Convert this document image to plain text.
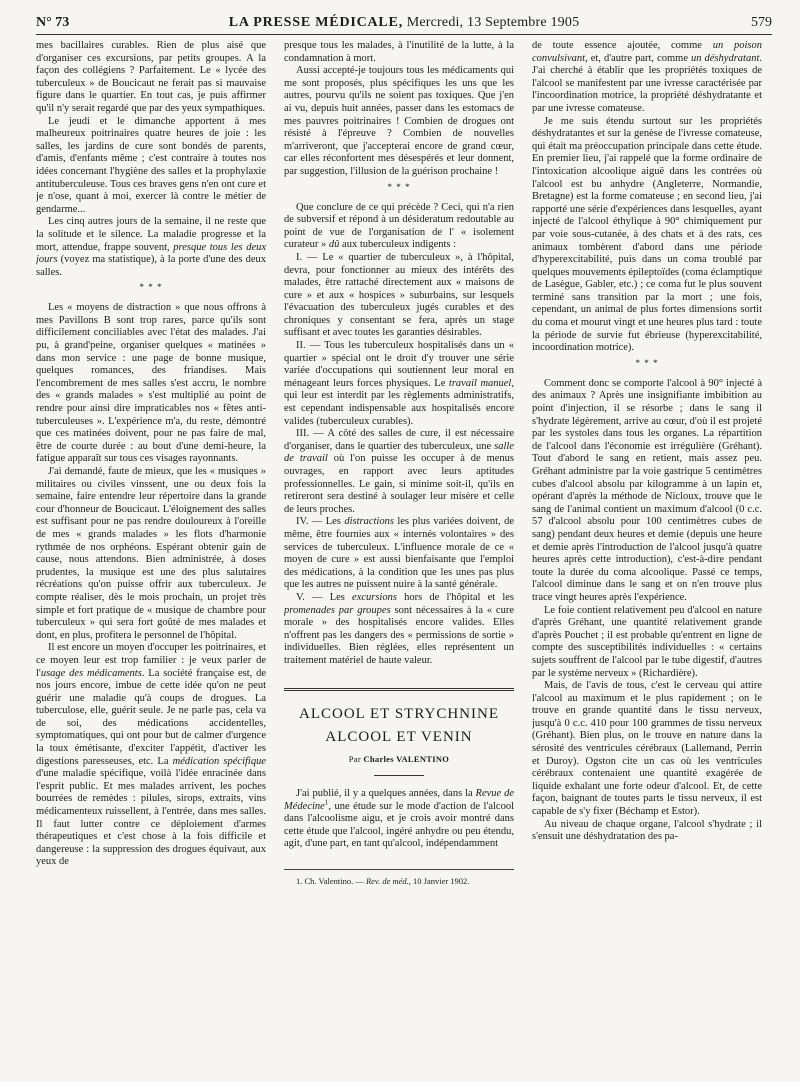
N° 73	LA PRESSE MÉDICALE, Mercredi, 13 Septembre 1905	579

mes bacillaires curables. Rien de plus aisé que d'organiser ces excursions, par petits groupes. A la façon des collégiens ? Parfaitement. Le « lycée des tuberculeux » de Boucicaut ne ferait pas si mauvaise figure dans le quartier. En tout cas, je puis affirmer qu'il n'y serait regardé que par des yeux sympathiques.

Le jeudi et le dimanche apportent à mes malheureux poitrinaires quatre heures de joie : les salles, les jardins de cure sont bondés de parents, d'amis, d'enfants même ; c'est contraire à toutes nos idées concernant l'hygiène des salles et la prophylaxie antituberculeuse. Tous ces braves gens n'en ont cure et je n'ose, quant à moi, exercer là contre le métier de gendarme...

Les cinq autres jours de la semaine, il ne reste que la solitude et le silence. La maladie progresse et la mort, attendue, frappe souvent, presque tous les deux jours (voyez ma statistique), à la porte d'une des deux salles.

* * *

Les « moyens de distraction » que nous offrons à mes Pavillons B sont trop rares, parce qu'ils sont difficilement conciliables avec l'état des malades. J'ai pu, à grand'peine, organiser quelques « matinées » dans mon service : une page de bonne musique, quelques romances, des friandises. Mais l'encombrement de mes salles s'est accru, le nombre des « grands malades » s'est multiplié au point de rendre pour ainsi dire impraticables nos « fêtes anti-tuberculeuses ». L'expérience m'a, du reste, démontré que ces matinées doivent, pour ne pas faire de mal, être de courte durée : au bout d'une demi-heure, la fatigue apparaît sur tous ces visages rayonnants.

J'ai demandé, faute de mieux, que les « musiques » militaires ou civiles vinssent, une ou deux fois la semaine, faire entendre leur répertoire dans la grande cour d'honneur de Boucicaut. L'éloignement des salles est suffisant pour ne pas rendre douloureux à l'oreille de mes « grands malades » les flots d'harmonie rythmée de nos orphéons. Espérant obtenir gain de cause, nous attendons. Bien administrée, à doses prudentes, la musique est une des plus salutaires récréations qu'on puisse offrir aux tuberculeux. Je compte réaliser, dès le mois prochain, un projet très simple et fort pratique de « musique de chambre pour tuberculeux » qui sera fort goûté de mes malades et dont, en plus, profitera le personnel de l'hôpital.

Il est encore un moyen d'occuper les poitrinaires, et ce moyen leur est trop familier : je veux parler de l'usage des médicaments. La société française est, de nos jours encore, imbue de cette idée qu'on ne peut guérir une maladie qu'à coups de drogues. La tuberculose, elle, guérit seule. Je ne parle pas, cela va de soi, des médications accidentelles, symptomatiques, qui ont pour but de calmer d'urgence la toux émétisante, d'exciter l'appétit, d'activer les digestions paresseuses, etc. La médication spécifique d'une maladie spécifique, voilà l'idée enracinée dans l'esprit public. Et mes malades arrivent, les poches bourrées de remèdes : pilules, sirops, extraits, vins médicamenteux ruissellent, à l'entrée, dans mes salles. Il faut lutter contre ce déploiement d'armes thérapeutiques et c'est chose à la fois difficile et dangereuse : la suppression des drogues équivaut, aux yeux de

presque tous les malades, à l'inutilité de la lutte, à la condamnation à mort.

Aussi accepté-je toujours tous les médicaments qui me sont proposés, plus spécifiques les uns que les autres, pourvu qu'ils ne soient pas toxiques. Que j'en ai vu, depuis huit années, passer dans les estomacs de mes pauvres poitrinaires ! Combien de drogues ont résisté à l'épreuve ? Combien de nouvelles m'arriveront, que j'accepterai encore de grand cœur, car elles réconfortent mes désespérés et leur donnent, par suggestion, l'illusion de la guérison prochaine !

* * *

Que conclure de ce qui précède ? Ceci, qui n'a rien de subversif et répond à un désideratum redoutable au point de vue de l'organisation de l' « isolement curateur » dû aux tuberculeux indigents :

I. — Le « quartier de tuberculeux », à l'hôpital, devra, pour fonctionner au mieux des intérêts des malades, être rattaché directement aux « maisons de cure » et aux « hospices » suburbains, sur lesquels l'évacuation des tuberculeux jugés curables et des chroniques y consentant se fera, après un stage suffisant et avec toutes les garanties désirables.

II. — Tous les tuberculeux hospitalisés dans un « quartier » spécial ont le droit d'y trouver une série variée d'occupations qui soutiennent leur moral en ménageant leurs forces physiques. Le travail manuel, qui leur est interdit par les règlements administratifs, est cependant indispensable aux hospitalisés encore valides (tuberculeux curables).

III. — A côté des salles de cure, il est nécessaire d'organiser, dans le quartier des tuberculeux, une salle de travail où l'on puisse les occuper à de menus ouvrages, en rapport avec leurs aptitudes professionnelles. Le gain, si minime soit-il, qu'ils en retireront sera destiné à soulager leur misère et celle de leurs proches.

IV. — Les distractions les plus variées doivent, de même, être fournies aux « internés volontaires » des services de tuberculeux. L'influence morale de ce « moyen de cure » est aussi bienfaisante que l'emploi des médications, à la condition que les unes pas plus que les autres ne puissent nuire à la santé générale.

V. — Les excursions hors de l'hôpital et les promenades par groupes sont nécessaires à la « cure morale » des hospitalisés encore valides. Elles n'offrent pas les dangers des « permissions de sortie » individuelles. Bien réglées, elles représentent un traitement matériel de haute valeur.

ALCOOL ET STRYCHNINE
ALCOOL ET VENIN
Par Charles VALENTINO

J'ai publié, il y a quelques années, dans la Revue de Médecine$^1$, une étude sur le mode d'action de l'alcool dans l'alcoolisme aigu, et je crois avoir montré dans cette étude que l'alcool, ingéré anhydre ou peu étendu, agit, d'une part, en tant qu'alcool, indépendamment

1. Ch. Valentino. — Rev. de méd., 10 Janvier 1902.

de toute essence ajoutée, comme un poison convulsivant, et, d'autre part, comme un déshydratant. J'ai cherché à établir que les propriétés toxiques de l'alcool se manifestent par une ivresse caractérisée par l'incoordination motrice, la propriété déshydratante et par une ivresse comateuse.

Je me suis étendu surtout sur les propriétés déshydratantes et sur la genèse de l'ivresse comateuse, qui était ma préoccupation principale dans cette étude. En premier lieu, j'ai rappelé que la forme ordinaire de l'intoxication alcoolique aiguë dans les contrées où l'alcool est bu anhydre (Angleterre, Normandie, Bretagne) est la forme comateuse ; en second lieu, j'ai rapporté une série d'expériences dans lesquelles, ayant injecté de l'alcool éthylique à 90° chimiquement pur par voie sous-cutanée, à des chats et à des rats, ces animaux tombèrent d'abord dans une période d'hyperexcitabilité, puis dans un coma troublé par quelques mouvements épileptoïdes (coma éclamptique de Lasègue, Gabler, etc.) ; ce coma fut le plus souvent terminé sans transition par la mort ; une fois, cependant, un animal de plus fortes dimensions sortit du coma et mourut vingt et une heures plus tard : toute la période de survie fut ébrieuse (hyperexcitabilité, incoordination motrice).

* * *

Comment donc se comporte l'alcool à 90° injecté à des animaux ? Après une insignifiante imbibition au point d'injection, il se résorbe ; dans le sang il s'hydrate légèrement, arrive au cœur, d'où il est projeté par les systoles dans tous les organes. La répartition de l'alcool dans l'économie est irrégulière (Gréhant). Tout d'abord le sang en retient, mais assez peu. Gréhant administre par la voie gastrique 5 centimètres cubes d'alcool absolu par kilogramme à un lapin et, opérant d'après la méthode de Nicloux, trouve que le sang de l'animal contient un maximum d'alcool (0 c.c. 57 d'alcool absolu pour 100 centimètres cubes de sang) pendant deux heures et demie (depuis une heure et demie après l'introduction de l'alcool jusqu'à quatre heures après cette introduction), c'est-à-dire pendant toute la durée du coma alcoolique. Passé ce temps, l'alcool diminue dans le sang et on n'en trouve plus trace vingt heures après l'expérience.

Le foie contient relativement peu d'alcool en nature d'après Gréhant, une quantité relativement grande d'après Pouchet ; il est probable qu'entrent en ligne de compte des susceptibilités individuelles : « certains sujets souffrent de l'alcool par le tube digestif, d'autres par le système nerveux » (Richardière).

Mais, de l'avis de tous, c'est le cerveau qui attire l'alcool au maximum et le plus rapidement ; on le trouve en grande quantité dans le tissu nerveux, jusqu'à 0 c.c. 410 pour 100 grammes de tissu nerveux (Gréhant). Bien plus, on le trouve en nature dans la sérosité des ventricules cérébraux (Lallemand, Perrin et Duroy). Ogston cite un cas où les ventricules cérébraux contenaient une quantité exagérée de liquide exhalant une forte odeur d'alcool. Et, de cette façon, baignant de toutes parts le tissu nerveux, il est capable de s'y fixer (Béchamp et Estor).

Au niveau de chaque organe, l'alcool s'hydrate ; il s'ensuit une déshydratation des pa-
